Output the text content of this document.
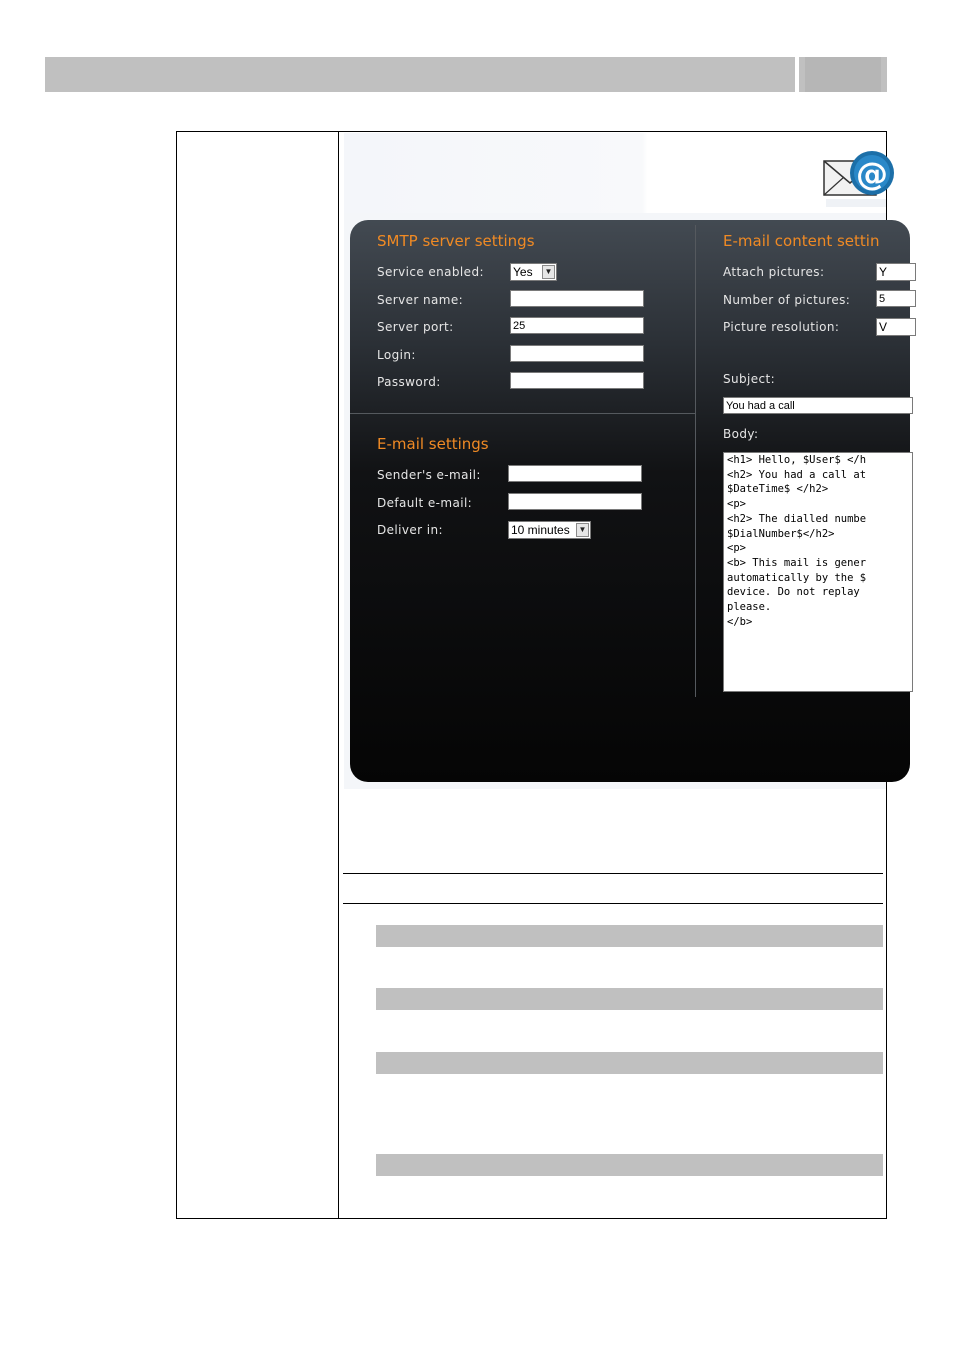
@
SMTP server settings
Service enabled: Yes	▼
Server name:
Server port:	25
Login:
Password:
E-mail settings
Sender's e-mail:
Default e-mail:
Deliver in:	10 minutes	▼
E-mail content settin
Attach pictures:	Y
Number of pictures:	5
Picture resolution:	V
Subject:
You had a call
Body:
<h1> Hello, $User$ </h
<h2> You had a call at
$DateTime$ </h2>
<p>
<h2> The dialled numbe
$DialNumber$</h2>
<p>
<b> This mail is gener
automatically by the $
device. Do not replay
please.
</b>
